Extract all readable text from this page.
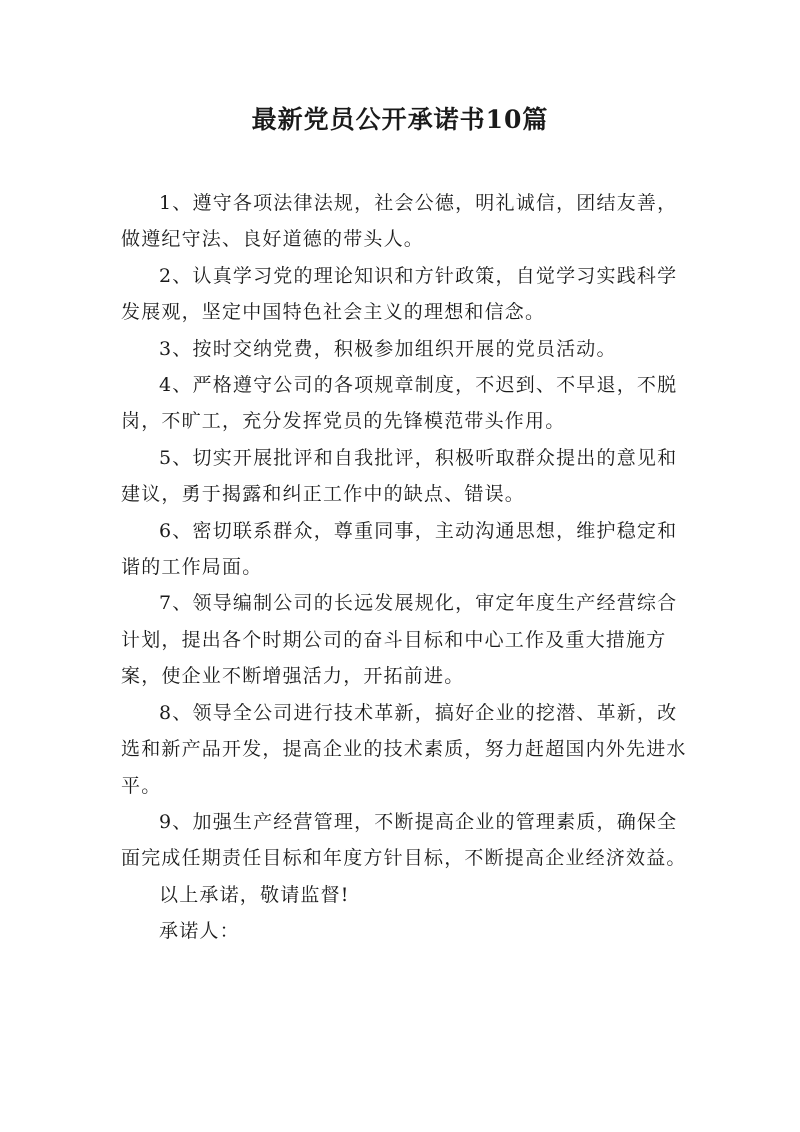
最新党员公开承诺书10篇

1、遵守各项法律法规，社会公德，明礼诚信，团结友善，做遵纪守法、良好道德的带头人。

2、认真学习党的理论知识和方针政策，自觉学习实践科学发展观，坚定中国特色社会主义的理想和信念。

3、按时交纳党费，积极参加组织开展的党员活动。

4、严格遵守公司的各项规章制度，不迟到、不早退，不脱岗，不旷工，充分发挥党员的先锋模范带头作用。

5、切实开展批评和自我批评，积极听取群众提出的意见和建议，勇于揭露和纠正工作中的缺点、错误。

6、密切联系群众，尊重同事，主动沟通思想，维护稳定和谐的工作局面。

7、领导编制公司的长远发展规化，审定年度生产经营综合计划，提出各个时期公司的奋斗目标和中心工作及重大措施方案，使企业不断增强活力，开拓前进。

8、领导全公司进行技术革新，搞好企业的挖潜、革新，改选和新产品开发，提高企业的技术素质，努力赶超国内外先进水平。

9、加强生产经营管理，不断提高企业的管理素质，确保全面完成任期责任目标和年度方针目标，不断提高企业经济效益。

以上承诺，敬请监督!

承诺人：
